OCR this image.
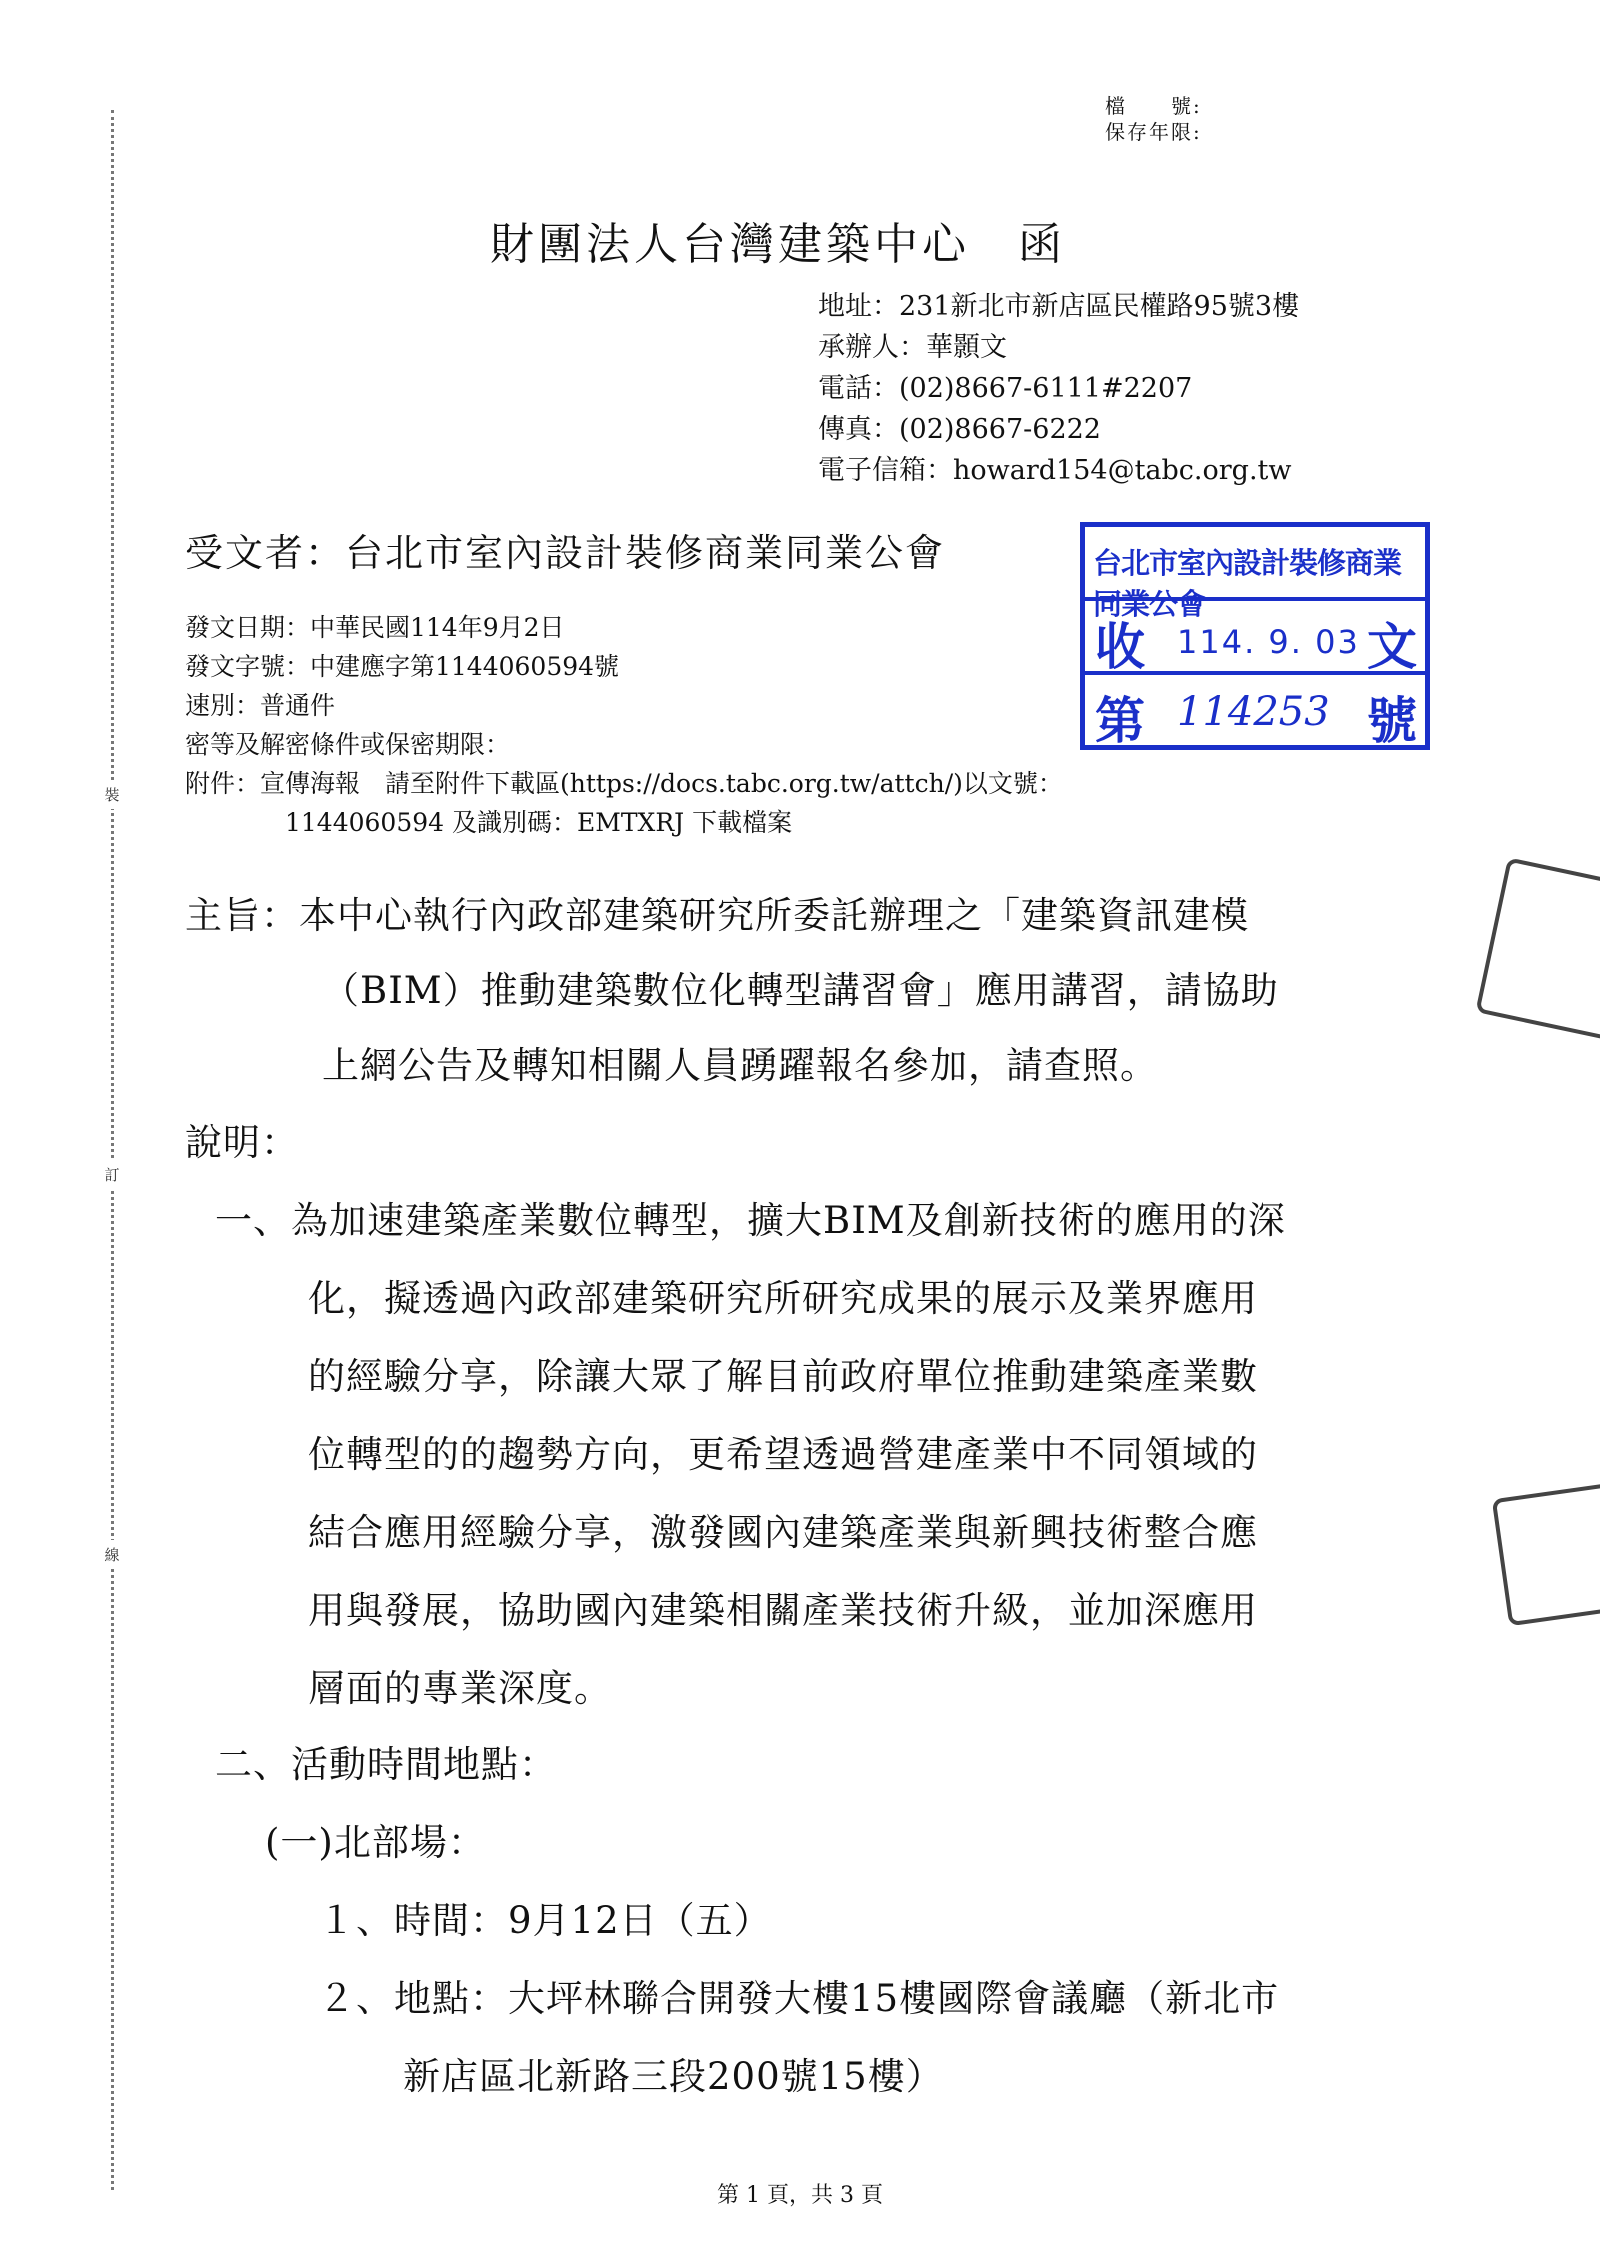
裝
訂
線
檔　　號:
保存年限:
財團法人台灣建築中心　函
地址：231新北市新店區民權路95號3樓
承辦人：華顥文
電話：(02)8667-6111#2207
傳真：(02)8667-6222
電子信箱：howard154@tabc.org.tw
受文者：台北市室內設計裝修商業同業公會	台北市室內設計裝修商業同業公會
收 114. 9. 03 文
第 114253 號
發文日期：中華民國114年9月2日
發文字號：中建應字第1144060594號
速別：普通件
密等及解密條件或保密期限：
附件：宣傳海報　請至附件下載區(https://docs.tabc.org.tw/attch/)以文號：
1144060594 及識別碼：EMTXRJ 下載檔案
主旨：本中心執行內政部建築研究所委託辦理之「建築資訊建模
（BIM）推動建築數位化轉型講習會」應用講習，請協助
上網公告及轉知相關人員踴躍報名參加，請查照。
說明：
一、為加速建築產業數位轉型，擴大BIM及創新技術的應用的深
化，擬透過內政部建築研究所研究成果的展示及業界應用
的經驗分享，除讓大眾了解目前政府單位推動建築產業數
位轉型的的趨勢方向，更希望透過營建產業中不同領域的
結合應用經驗分享，激發國內建築產業與新興技術整合應
用與發展，協助國內建築相關產業技術升級，並加深應用
層面的專業深度。
二、活動時間地點：
(一)北部場：
１、時間：9月12日（五）
２、地點：大坪林聯合開發大樓15樓國際會議廳（新北市
新店區北新路三段200號15樓）
第 1 頁，共 3 頁
